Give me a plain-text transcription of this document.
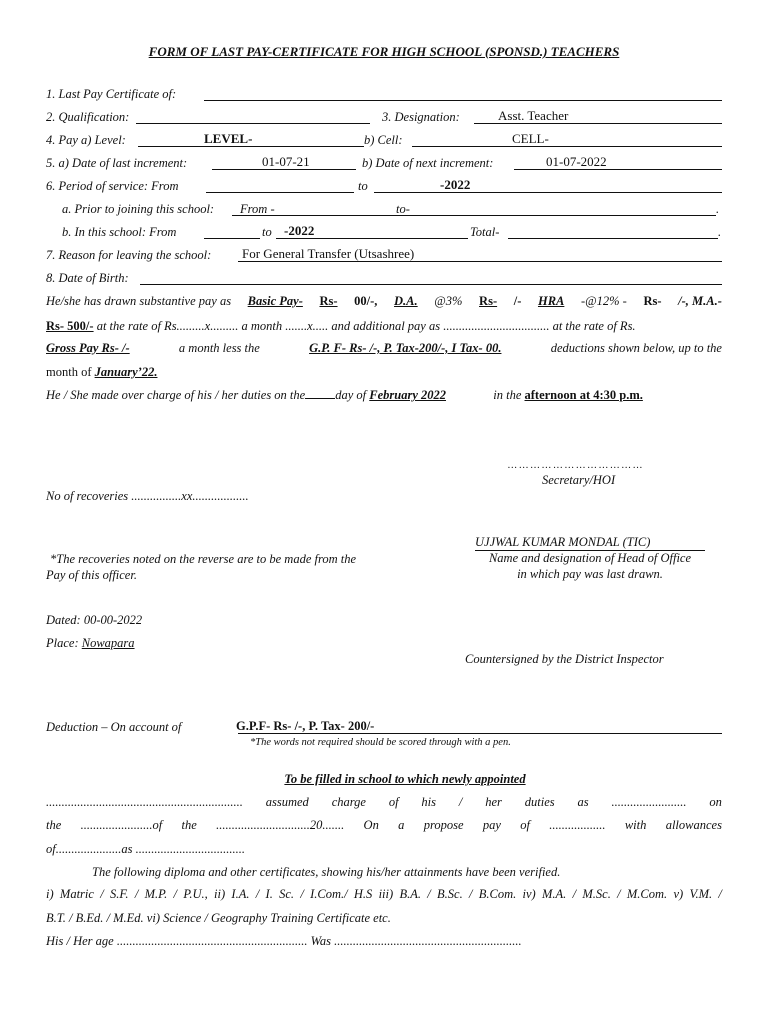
FORM OF LAST PAY-CERTIFICATE FOR HIGH SCHOOL (SPONSD.) TEACHERS
1. Last Pay Certificate of:
2. Qualification:	3. Designation:	Asst. Teacher
4. Pay a) Level:	LEVEL-	b) Cell:	CELL-
5. a) Date of last increment:	01-07-21	b) Date of next increment:	01-07-2022
6. Period of service: From	to	-2022
a. Prior to joining this school: From -	to-	.
b. In this school: From	to -2022	Total-	.
7. Reason for leaving the school: For General Transfer (Utsashree)
8. Date of Birth:
He/she has drawn substantive pay as Basic Pay- Rs- 00/-, D.A. @3% Rs- /- HRA -@12% - Rs- /-, M.A.-
Rs- 500/- at the rate of Rs.........x......... a month .......x..... and additional pay as .................................. at the rate of Rs.
Gross Pay Rs- /-	a month less the	G.P. F- Rs- /-, P. Tax-200/-, I Tax- 00.	deductions shown below, up to the
month of January’22.
He / She made over charge of his / her duties on the day of February 2022	in the afternoon at 4:30 p.m.
… … … … … … … … … … … …
Secretary/HOI
No of recoveries ................xx..................
UJJWAL KUMAR MONDAL (TIC)
Name and designation of Head of Office
in which pay was last drawn.
*The recoveries noted on the reverse are to be made from the
Pay of this officer.
Dated: 00-00-2022
Place: Nowapara
Countersigned by the District Inspector
Deduction – On account of	G.P.F- Rs- /-, P. Tax- 200/-
*The words not required should be scored through with a pen.
To be filled in school to which newly appointed
............................................................... assumed charge of his / her duties as ........................ on
the .......................of the ..............................20....... On a propose pay of .................. with allowances
of.....................as ...................................
The following diploma and other certificates, showing his/her attainments have been verified.
i) Matric / S.F. / M.P. / P.U., ii) I.A. / I. Sc. / I.Com./ H.S iii) B.A. / B.Sc. / B.Com. iv) M.A. / M.Sc. / M.Com. v) V.M. /
B.T. / B.Ed. / M.Ed. vi) Science / Geography Training Certificate etc.
His / Her age ............................................................. Was ............................................................
